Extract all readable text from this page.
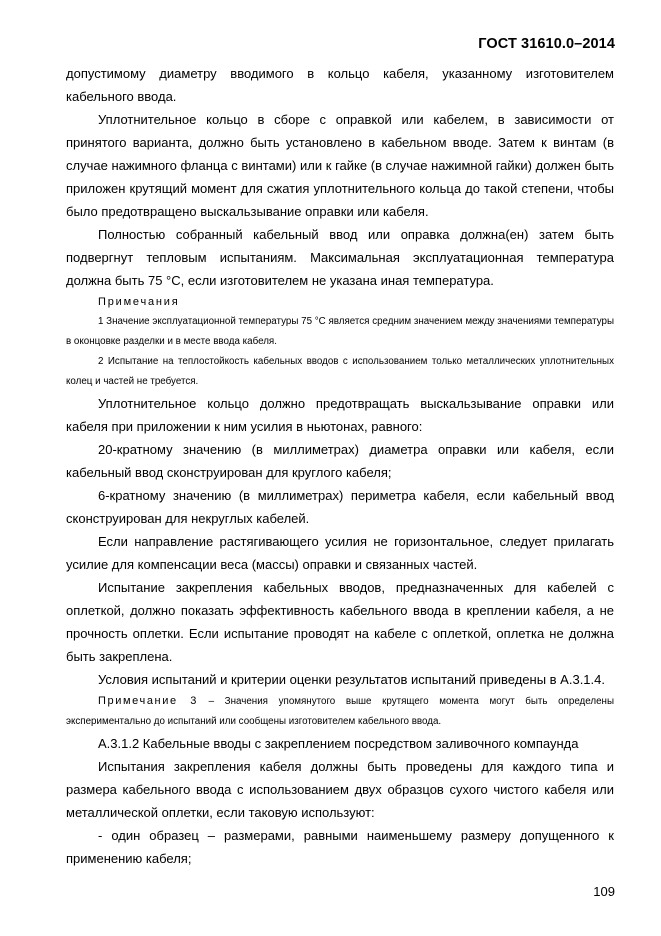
ГОСТ 31610.0–2014

допустимому диаметру вводимого в кольцо кабеля, указанному изготовителем кабельного ввода.

Уплотнительное кольцо в сборе с оправкой или кабелем, в зависимости от принятого варианта, должно быть установлено в кабельном вводе. Затем к винтам (в случае нажимного фланца с винтами) или к гайке (в случае нажимной гайки) должен быть приложен крутящий момент для сжатия уплотнительного кольца до такой степени, чтобы было предотвращено выскальзывание оправки или кабеля.

Полностью собранный кабельный ввод или оправка должна(ен) затем быть подвергнут тепловым испытаниям. Максимальная эксплуатационная температура должна быть 75 °C, если изготовителем не указана иная температура.

Примечания

1 Значение эксплуатационной температуры 75 °C является средним значением между значениями температуры в оконцовке разделки и в месте ввода кабеля.

2 Испытание на теплостойкость кабельных вводов с использованием только металлических уплотнительных колец и частей не требуется.

Уплотнительное кольцо должно предотвращать выскальзывание оправки или кабеля при приложении к ним усилия в ньютонах, равного:

20-кратному значению (в миллиметрах) диаметра оправки или кабеля, если кабельный ввод сконструирован для круглого кабеля;

6-кратному значению (в миллиметрах) периметра кабеля, если кабельный ввод сконструирован для некруглых кабелей.

Если направление растягивающего усилия не горизонтальное, следует прилагать усилие для компенсации веса (массы) оправки и связанных частей.

Испытание закрепления кабельных вводов, предназначенных для кабелей с оплеткой, должно показать эффективность кабельного ввода в креплении кабеля, а не прочность оплетки. Если испытание проводят на кабеле с оплеткой, оплетка не должна быть закреплена.

Условия испытаний и критерии оценки результатов испытаний приведены в А.3.1.4.

Примечание 3 – Значения упомянутого выше крутящего момента могут быть определены экспериментально до испытаний или сообщены изготовителем кабельного ввода.

А.3.1.2 Кабельные вводы с закреплением посредством заливочного компаунда

Испытания закрепления кабеля должны быть проведены для каждого типа и размера кабельного ввода с использованием двух образцов сухого чистого кабеля или металлической оплетки, если таковую используют:

- один образец – размерами, равными наименьшему размеру допущенного к применению кабеля;

109
